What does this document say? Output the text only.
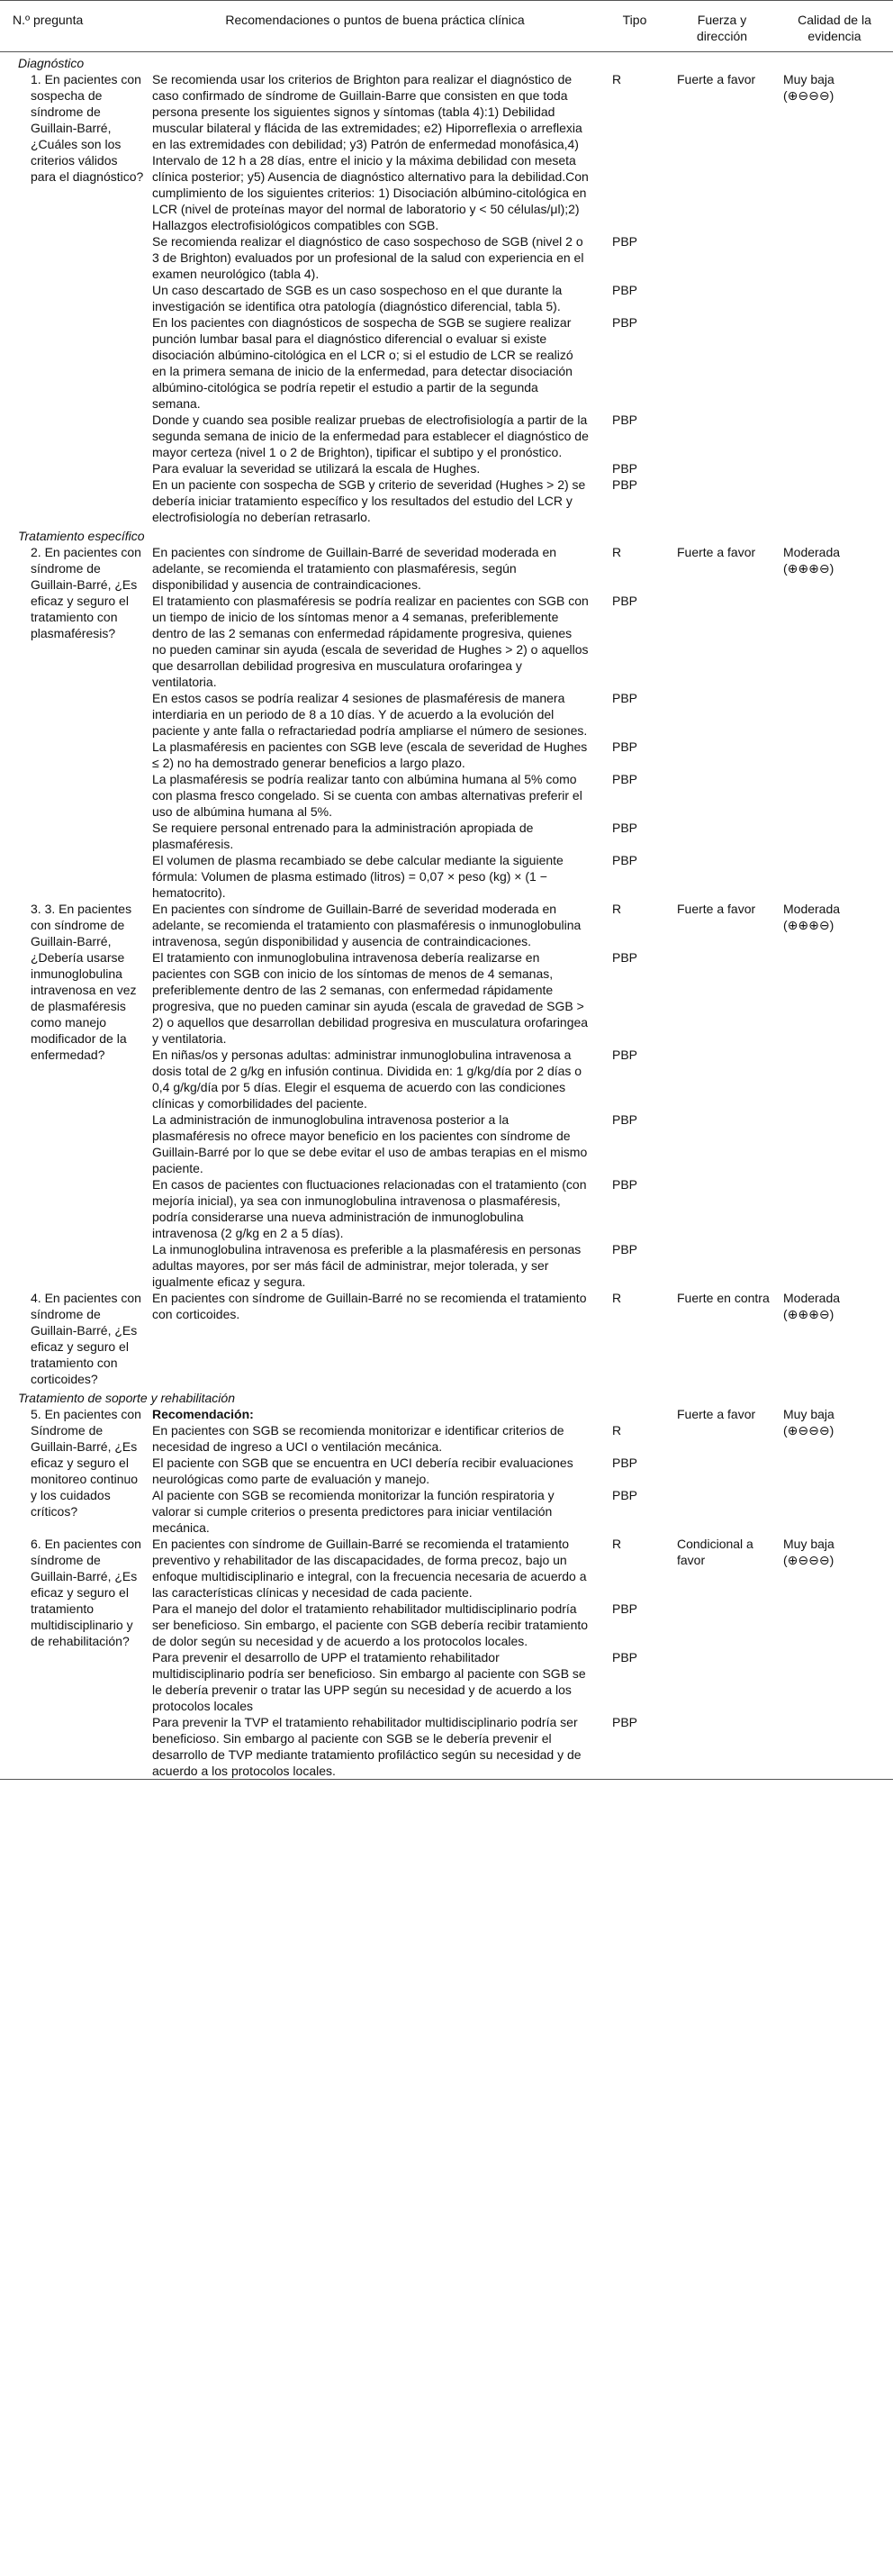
N.º pregunta	Recomendaciones o puntos de buena práctica clínica	Tipo	Fuerza y dirección	Calidad de la evidencia
Diagnóstico				

1. En pacientes con sospecha de síndrome de Guillain-Barré, ¿Cuáles son los criterios válidos para el diagnóstico?	Se recomienda usar los criterios de Brighton para realizar el diagnóstico de caso confirmado de síndrome de Guillain-Barre que consisten en que toda persona presente los siguientes signos y síntomas (tabla 4):1) Debilidad muscular bilateral y flácida de las extremidades; e2) Hiporreflexia o arreflexia en las extremidades con debilidad; y3) Patrón de enfermedad monofásica,4) Intervalo de 12 h a 28 días, entre el inicio y la máxima debilidad con meseta clínica posterior; y5) Ausencia de diagnóstico alternativo para la debilidad.Con cumplimiento de los siguientes criterios: 1) Disociación albúmino-citológica en LCR (nivel de proteínas mayor del normal de laboratorio y < 50 células/μl);2) Hallazgos electrofisiológicos compatibles con SGB.	R	Fuerte a favor	Muy baja (⊕⊖⊖⊖)
	Se recomienda realizar el diagnóstico de caso sospechoso de SGB (nivel 2 o 3 de Brighton) evaluados por un profesional de la salud con experiencia en el examen neurológico (tabla 4).	PBP		
	Un caso descartado de SGB es un caso sospechoso en el que durante la investigación se identifica otra patología (diagnóstico diferencial, tabla 5).	PBP		
	En los pacientes con diagnósticos de sospecha de SGB se sugiere realizar punción lumbar basal para el diagnóstico diferencial o evaluar si existe disociación albúmino-citológica en el LCR o; si el estudio de LCR se realizó en la primera semana de inicio de la enfermedad, para detectar disociación albúmino-citológica se podría repetir el estudio a partir de la segunda semana.	PBP		
	Donde y cuando sea posible realizar pruebas de electrofisiología a partir de la segunda semana de inicio de la enfermedad para establecer el diagnóstico de mayor certeza (nivel 1 o 2 de Brighton), tipificar el subtipo y el pronóstico.	PBP		
	Para evaluar la severidad se utilizará la escala de Hughes.	PBP		
	En un paciente con sospecha de SGB y criterio de severidad (Hughes > 2) se debería iniciar tratamiento específico y los resultados del estudio del LCR y electrofisiología no deberían retrasarlo.	PBP		
Tratamiento específico				

2. En pacientes con síndrome de Guillain-Barré, ¿Es eficaz y seguro el tratamiento con plasmaféresis?	En pacientes con síndrome de Guillain-Barré de severidad moderada en adelante, se recomienda el tratamiento con plasmaféresis, según disponibilidad y ausencia de contraindicaciones.	R	Fuerte a favor	Moderada (⊕⊕⊕⊖)
	El tratamiento con plasmaféresis se podría realizar en pacientes con SGB con un tiempo de inicio de los síntomas menor a 4 semanas, preferiblemente dentro de las 2 semanas con enfermedad rápidamente progresiva, quienes no pueden caminar sin ayuda (escala de severidad de Hughes > 2) o aquellos que desarrollan debilidad progresiva en musculatura orofaringea y ventilatoria.	PBP		
	En estos casos se podría realizar 4 sesiones de plasmaféresis de manera interdiaria en un periodo de 8 a 10 días. Y de acuerdo a la evolución del paciente y ante falla o refractariedad podría ampliarse el número de sesiones.	PBP		
	La plasmaféresis en pacientes con SGB leve (escala de severidad de Hughes ≤ 2) no ha demostrado generar beneficios a largo plazo.	PBP		
	La plasmaféresis se podría realizar tanto con albúmina humana al 5% como con plasma fresco congelado. Si se cuenta con ambas alternativas preferir el uso de albúmina humana al 5%.	PBP		
	Se requiere personal entrenado para la administración apropiada de plasmaféresis.	PBP		
	El volumen de plasma recambiado se debe calcular mediante la siguiente fórmula: Volumen de plasma estimado (litros) = 0,07 × peso (kg) × (1 − hematocrito).	PBP		

3. 3. En pacientes con síndrome de Guillain-Barré, ¿Debería usarse inmunoglobulina intravenosa en vez de plasmaféresis como manejo modificador de la enfermedad?	En pacientes con síndrome de Guillain-Barré de severidad moderada en adelante, se recomienda el tratamiento con plasmaféresis o inmunoglobulina intravenosa, según disponibilidad y ausencia de contraindicaciones.	R	Fuerte a favor	Moderada (⊕⊕⊕⊖)
	El tratamiento con inmunoglobulina intravenosa debería realizarse en pacientes con SGB con inicio de los síntomas de menos de 4 semanas, preferiblemente dentro de las 2 semanas, con enfermedad rápidamente progresiva, que no pueden caminar sin ayuda (escala de gravedad de SGB > 2) o aquellos que desarrollan debilidad progresiva en musculatura orofaringea y ventilatoria.	PBP		
	En niñas/os y personas adultas: administrar inmunoglobulina intravenosa a dosis total de 2 g/kg en infusión continua. Dividida en: 1 g/kg/día por 2 días o 0,4 g/kg/día por 5 días. Elegir el esquema de acuerdo con las condiciones clínicas y comorbilidades del paciente.	PBP		
	La administración de inmunoglobulina intravenosa posterior a la plasmaféresis no ofrece mayor beneficio en los pacientes con síndrome de Guillain-Barré por lo que se debe evitar el uso de ambas terapias en el mismo paciente.	PBP		
	En casos de pacientes con fluctuaciones relacionadas con el tratamiento (con mejoría inicial), ya sea con inmunoglobulina intravenosa o plasmaféresis, podría considerarse una nueva administración de inmunoglobulina intravenosa (2 g/kg en 2 a 5 días).	PBP		
	La inmunoglobulina intravenosa es preferible a la plasmaféresis en personas adultas mayores, por ser más fácil de administrar, mejor tolerada, y ser igualmente eficaz y segura.	PBP		

4. En pacientes con síndrome de Guillain-Barré, ¿Es eficaz y seguro el tratamiento con corticoides?	En pacientes con síndrome de Guillain-Barré no se recomienda el tratamiento con corticoides.	R	Fuerte en contra	Moderada (⊕⊕⊕⊖)
Tratamiento de soporte y rehabilitación				

5. En pacientes con Síndrome de Guillain-Barré, ¿Es eficaz y seguro el monitoreo continuo y los cuidados críticos?	Recomendación:		Fuerte a favor	Muy baja (⊕⊖⊖⊖)
	En pacientes con SGB se recomienda monitorizar e identificar criterios de necesidad de ingreso a UCI o ventilación mecánica.	R		
	El paciente con SGB que se encuentra en UCI debería recibir evaluaciones neurológicas como parte de evaluación y manejo.	PBP		
	Al paciente con SGB se recomienda monitorizar la función respiratoria y valorar si cumple criterios o presenta predictores para iniciar ventilación mecánica.	PBP		

6. En pacientes con síndrome de Guillain-Barré, ¿Es eficaz y seguro el tratamiento multidisciplinario y de rehabilitación?	En pacientes con síndrome de Guillain-Barré se recomienda el tratamiento preventivo y rehabilitador de las discapacidades, de forma precoz, bajo un enfoque multidisciplinario e integral, con la frecuencia necesaria de acuerdo a las características clínicas y necesidad de cada paciente.	R	Condicional a favor	Muy baja (⊕⊖⊖⊖)
	Para el manejo del dolor el tratamiento rehabilitador multidisciplinario podría ser beneficioso. Sin embargo, el paciente con SGB debería recibir tratamiento de dolor según su necesidad y de acuerdo a los protocolos locales.	PBP		
	Para prevenir el desarrollo de UPP el tratamiento rehabilitador multidisciplinario podría ser beneficioso. Sin embargo al paciente con SGB se le debería prevenir o tratar las UPP según su necesidad y de acuerdo a los protocolos locales	PBP		
	Para prevenir la TVP el tratamiento rehabilitador multidisciplinario podría ser beneficioso. Sin embargo al paciente con SGB se le debería prevenir el desarrollo de TVP mediante tratamiento profiláctico según su necesidad y de acuerdo a los protocolos locales.	PBP		
